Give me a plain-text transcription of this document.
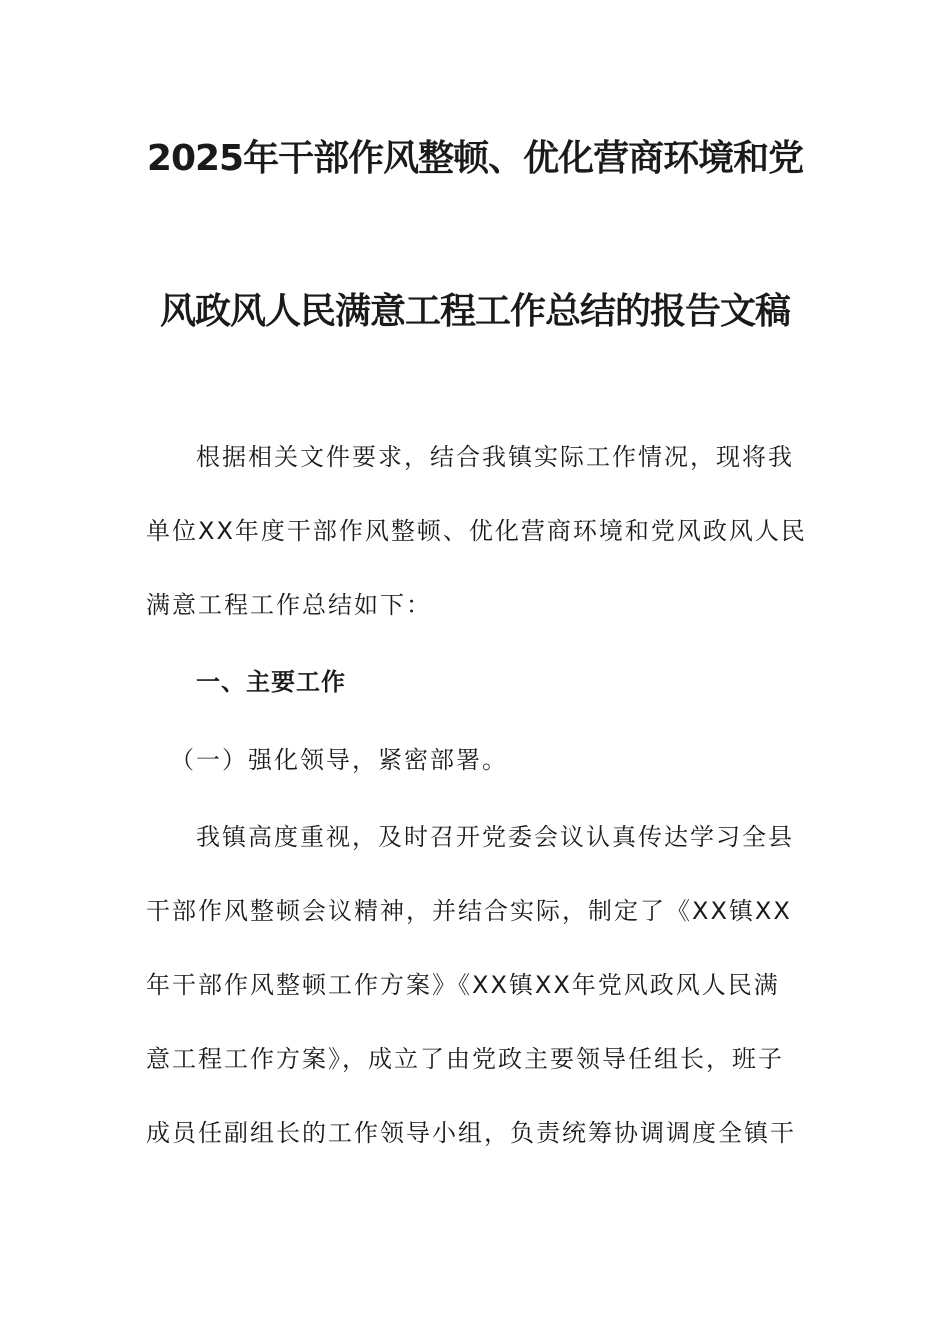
2025年干部作风整顿、优化营商环境和党
风政风人民满意工程工作总结的报告文稿
根据相关文件要求，结合我镇实际工作情况，现将我
单位XX年度干部作风整顿、优化营商环境和党风政风人民
满意工程工作总结如下：
一、主要工作
（一）强化领导，紧密部署。
我镇高度重视，及时召开党委会议认真传达学习全县
干部作风整顿会议精神，并结合实际，制定了《XX镇XX
年干部作风整顿工作方案》《XX镇XX年党风政风人民满
意工程工作方案》，成立了由党政主要领导任组长，班子
成员任副组长的工作领导小组，负责统筹协调调度全镇干
